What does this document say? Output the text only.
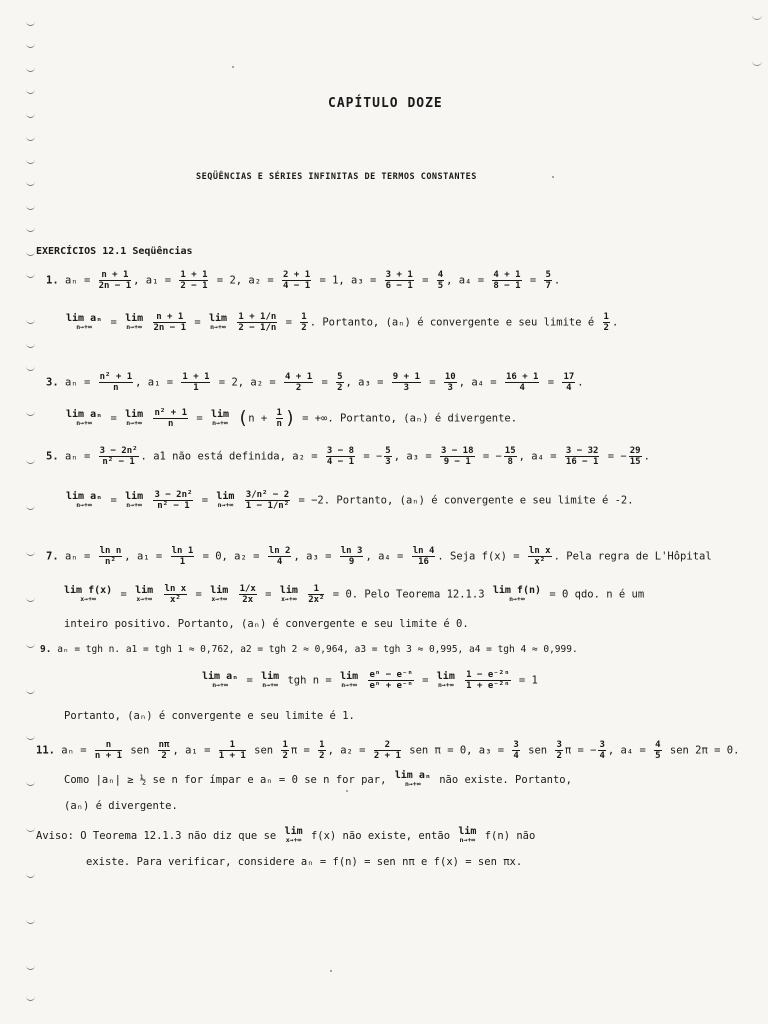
CAPÍTULO DOZE
SEQÜÊNCIAS E SÉRIES INFINITAS DE TERMOS CONSTANTES
EXERCÍCIOS 12.1 Seqüências
1. $a_n = \frac{n + 1}{2n - 1}$ , $a_1 = \frac{1 + 1}{2 - 1} = 2$, $a_2 = \frac{2 + 1}{4 - 1} = 1$, $a_3 = \frac{3 + 1}{6 - 1} = \frac{4}{5}$ , $a_4 = \frac{4 + 1}{8 - 1} = \frac{5}{7}$ .
lim aₙ
n→+∞	= lim
n→+∞
$\frac{n + 1}{2n - 1} = \lim$
n→+∞
$\frac{1 + 1/n}{2 - 1/n} = \frac{1}{2}$ . Portanto, (aₙ) é convergente e seu limite é $\frac{1}{2}$ .
3. $a_n = \frac{\text{n² + 1}}{n}$ , $a_1 = \frac{1 + 1}{1} = 2$, $a_2 = \frac{4 + 1}{2} = \frac{5}{2}$ , $a_3 = \frac{9 + 1}{3} = \frac{10}{3}$ , $a_4 = \frac{16 + 1}{4} = \frac{17}{4}$ .
lim aₙ
n→+∞	= lim
n→+∞
$\frac{\text{n² + 1}}{n} = \lim$
n→+∞ ($n + \frac{1}{n}$ ) = +∞. Portanto, (aₙ) é divergente.
5. $a_n = \frac{\text{3 − 2n²}}{\text{n² − 1}}$ . a1 não está definida, $a_2 = \frac{3 - 8}{4 - 1}$ = − $\frac{5}{3}$ , $a_3 = \frac{3 - 18}{9 - 1}$ = − $\frac{15}{8}$ , $a_4 = \frac{3 - 32}{16 - 1}$ = − $\frac{29}{15}$ .
lim aₙ
n→+∞	= lim
n→+∞
$\frac{\text{3 − 2n²}}{\text{n² − 1}} = \lim$
n→+∞
$\frac{\text{3/n² − 2}}{\text{1 − 1/n²}} = -2$. Portanto, (aₙ) é convergente e seu limite é -2.
7. $a_n = \frac{\text{ln n}}{\text{n²}}$ , $a_1 = \frac{\ln 1}{1} = 0$, $a_2 = \frac{\ln 2}{4}$ , $a_3 = \frac{\ln 3}{9}$ , $a_4 = \frac{\ln 4}{16}$ . Seja $f(x) = \frac{\text{ln x}}{\text{x²}}$ . Pela regra de L'Hôpital
lim f(x)
x→+∞	= lim
x→+∞
$\frac{\text{ln x}}{\text{x²}} = \lim$
x→+∞
$\frac{1/x}{2x} = \lim$
x→+∞
$\frac{1}{\text{2x²}} = 0$. Pelo Teorema 12.1.3 lim f(n)
n→+∞	= 0 qdo. n é um
inteiro positivo. Portanto, (aₙ) é convergente e seu limite é 0.
9. aₙ = tgh n. a1 = tgh 1 ≈ 0,762, a2 = tgh 2 ≈ 0,964, a3 = tgh 3 ≈ 0,995, a4 = tgh 4 ≈ 0,999.
lim aₙ
n→+∞	= lim
n→+∞ tgh n = lim
n→+∞
$\frac{\text{eⁿ − e⁻ⁿ}}{\text{eⁿ + e⁻ⁿ}} = \lim$
n→+∞
$\frac{\text{1 − e⁻²ⁿ}}{\text{1 + e⁻²ⁿ}} = 1$
Portanto, (aₙ) é convergente e seu limite é 1.
11. $a_n = \frac{n}{n + 1}$ sen $\frac{n\pi}{2}$ , $a_1 = \frac{1}{1 + 1}$ sen $\frac{1}{2}$ $\pi = \frac{1}{2}$ , $a_2 = \frac{2}{2 + 1}$ sen π = 0, $a_3 = \frac{3}{4}$ sen $\frac{3}{2}$ π = − $\frac{3}{4}$ , $a_4 = \frac{4}{5}$ sen 2π = 0.
Como |aₙ| ≥ ½ se n for ímpar e aₙ = 0 se n for par, lim aₙ
n→+∞	não existe. Portanto,
(aₙ) é divergente.
Aviso: O Teorema 12.1.3 não diz que se lim
x→+∞ f(x) não existe, então lim
n→+∞ f(n) não
existe. Para verificar, considere aₙ = f(n) = sen nπ e f(x) = sen πx.
